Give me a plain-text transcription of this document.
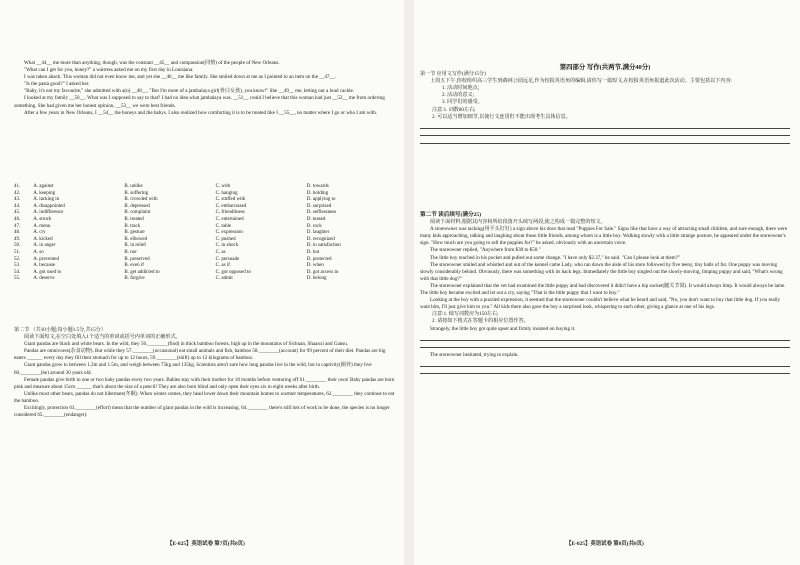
What __44__ me more than anything, though, was the constant __45__ and compassion(同情) of the people of New Orleans.

"What can I get for you, honey?" a waitress asked me on my first day in Louisiana.

I was taken aback. This woman did not even know me, and yet she __46__ me like family. She smiled down at me as I pointed to an item on the __47__.

"Is the pasta good?" I asked her.

"Baby, it's not my favourite," she admitted with a(n) __48__. "But I'm more of a jambalaya girl(骨白女孩), you know!" She __49__ me, letting out a loud cackle.

I looked at my family __50__. What was I supposed to say to that? I had no idea what jambalaya was. __51__ could I believe that this woman had just __52__ me from ordering something. She had given me her honest opinion, __53__ we were best friends.

After a few years in New Orleans, I __54__ the honeys and the babys. I also realized how comforting it is to be treated like I __55__, no matter where I go or who I am with.

41.	A. against	B. unlike	C. with	D. towards
42.	A. keeping	B. suffering	C. hanging	D. holding
43.	A. lacking in	B. crowded with	C. stuffed with	D. applying to
44.	A. disappointed	B. depressed	C. embarrassed	D. surprised
45.	A. indifference	B. complaint	C. friendliness	D. selflessness
46.	A. struck	B. treated	C. entertained	D. teased
47.	A. menu	B. track	C. table	D. rock
48.	A. cry	B. gesture	C. expression	D. laughter
49.	A. kicked	B. elbowed	C. pushed	D. recognized
50.	A. in anger	B. in relief	C. in shock	D. in satisfaction
51.	A. so	B. nor	C. as	D. but
52.	A. prevented	B. preserved	C. persuade	D. protected
53.	A. because	B. even if	C. as if	D. when
54.	A. got used to	B. get addicted to	C. got opposed to	D. got access to
55.	A. deserve	B. forgive	C. admit	D. belong

第二节 （共10小题;每小题1.5分,共15分）

阅读下面短文,在空白处填入1个适当的单词或括号内单词的正确形式。

Giant pandas are black and white bears. In the wild, they 56.________(find) in thick bamboo forests, high up in the mountains of Sichuan, Shaanxi and Gansu.

Pandas are omnivores(杂食动物). But while they 57.________(occasional) eat small animals and fish, bamboo 58.________(account) for 99 percent of their diet. Pandas are big eaters ______ every day they fill their stomach for up to 12 hours, 59.________(shift) up to 12 kilograms of bamboo.

Giant pandas grow to between 1.2m and 1.5m, and weigh between 75kg and 135kg. Scientists aren't sure how long pandas live in the wild, but in captivity(圈养) they live 60.________(be) around 30 years old.

Female pandas give birth to one or two baby pandas every two years. Babies stay with their mother for 18 months before venturing off 61.________ their own! Baby pandas are born pink and measure about 15cm ______ that's about the size of a pencil! They are also born blind and only open their eyes six to eight weeks after birth.

Unlike most other bears, pandas do not hibernate(冬眠). When winter comes, they head lower down their mountain homes to warmer temperatures, 62.________ they continue to eat the bamboo.

Excitingly, protection 63.________(effort) mean that the number of giant pandas in the wild is increasing. 64.________ there's still lots of work to be done, the species is no longer considered 65.________(endanger).

【E-025】英语试卷 第7页(共8页)

第四部分 写作(共两节,满分40分)

第一节 应用文写作(满分15分)

上周五下午,你校组织高三学生到森林公园远足,作为校报英语角的编辑,请你写一篇短文,在校报英语角报道此次活动。主要包括以下内容:

1. 活动时间地点;

2. 活动的意义;

3. 同学们的感受。

注意:1. 词数80左右;

2. 可以适当增加细节,以使行文连贯但不能出现考生具体信息。

第二节 读后续写(满分25)

阅读下面材料,根据其内容和所给段落开头续写两段,使之构成一篇完整的短文。

A storeowner was tacking(用平头钉钉) a sign above his door that read "Puppies For Sale." Signs like that have a way of attracting small children, and sure enough, there were many kids approaching, talking and laughing about those little friends, among whom is a little boy. Walking slowly with a little strange posture, he appeared under the storeowner's sign. "How much are you going to sell the puppies for?" he asked, obviously with an uncertain voice.

The storeowner replied, "Anywhere from $30 to $50."

The little boy reached in his pocket and pulled out some change. "I have only $2.37," he said. "Can I please look at them?"

The storeowner smiled and whistled and out of the kennel came Lady, who ran down the aisle of his store followed by five teeny, tiny balls of fur. One puppy was moving slowly considerably behind. Obviously, there was something with its back legs. Immediately the little boy singled out the slowly-moving, limping puppy and said, "What's wrong with that little dog?"

The storeowner explained that the vet had examined the little puppy and had discovered it didn't have a hip socket(髋关节窝). It would always limp. It would always be lame. The little boy became excited and let out a cry, saying "That is the little puppy that I want to buy."

Looking at the boy with a puzzled expression, it seemed that the storeowner couldn't believe what he heard and said, "No, you don't want to buy that little dog. If you really want him, I'll just give him to you." All kids there also gave the boy a surprised look, whispering to each other, giving a glance at one of his legs.

注意:1. 续写词数应为150左右;

2. 请按如下格式在答题卡的相应位置作答。

Strangely, the little boy got quite upset and firmly insisted on buying it.

The storeowner hesitated, trying to explain.

【E-025】英语试卷 第8页(共8页)
